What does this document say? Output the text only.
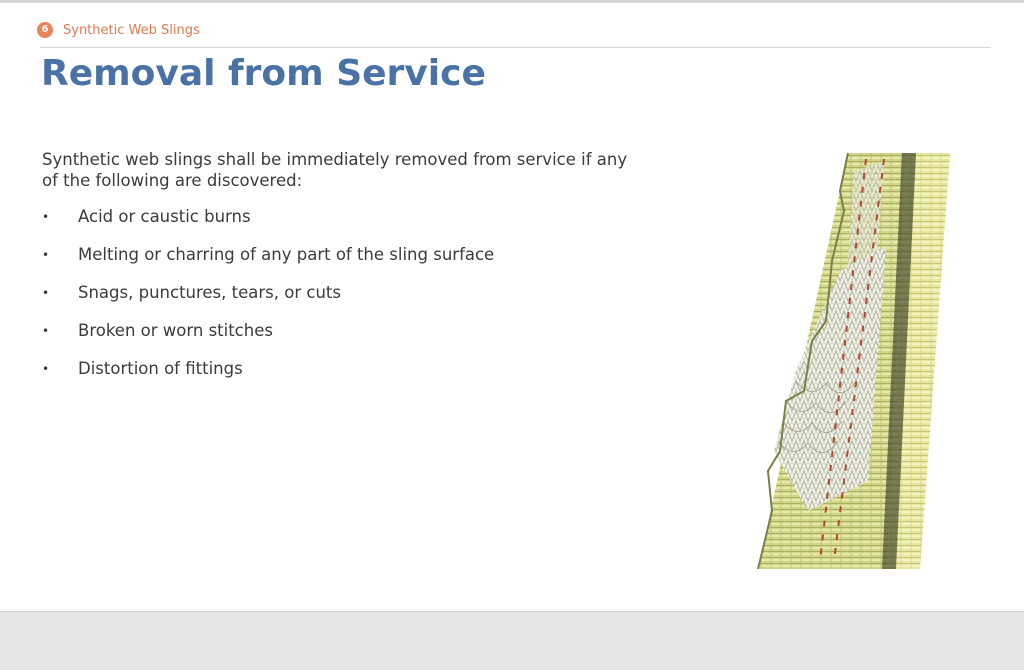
6	Synthetic Web Slings
Removal from Service

Synthetic web slings shall be immediately removed from service if any of the following are discovered:

•	Acid or caustic burns
•	Melting or charring of any part of the sling surface
•	Snags, punctures, tears, or cuts
•	Broken or worn stitches
•	Distortion of fittings
